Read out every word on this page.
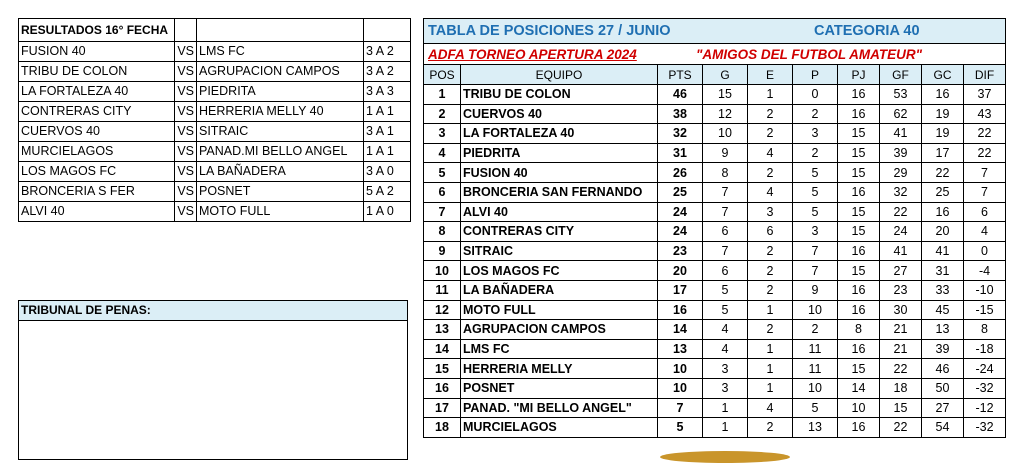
RESULTADOS 16° FECHA			
FUSION 40	VS	LMS FC	3 A 2
TRIBU DE COLON	VS	AGRUPACION CAMPOS	3 A 2
LA FORTALEZA 40	VS	PIEDRITA	3 A 3
CONTRERAS CITY	VS	HERRERIA MELLY 40	1 A 1
CUERVOS 40	VS	SITRAIC	3 A 1
MURCIELAGOS	VS	PANAD.MI BELLO ANGEL	1 A 1
LOS MAGOS FC	VS	LA BAÑADERA	3 A 0
BRONCERIA S FER	VS	POSNET	5 A 2
ALVI 40	VS	MOTO FULL	1 A 0
TRIBUNAL DE PENAS:
TABLA DE POSICIONES 27 / JUNIO CATEGORIA 40									

ADFA TORNEO APERTURA 2024 "AMIGOS DEL FUTBOL AMATEUR"									

POS	EQUIPO	PTS	G	E	P	PJ	GF	GC	DIF
1	TRIBU DE COLON	46	15	1	0	16	53	16	37
2	CUERVOS 40	38	12	2	2	16	62	19	43
3	LA FORTALEZA 40	32	10	2	3	15	41	19	22
4	PIEDRITA	31	9	4	2	15	39	17	22
5	FUSION 40	26	8	2	5	15	29	22	7
6	BRONCERIA SAN FERNANDO	25	7	4	5	16	32	25	7
7	ALVI 40	24	7	3	5	15	22	16	6
8	CONTRERAS CITY	24	6	6	3	15	24	20	4
9	SITRAIC	23	7	2	7	16	41	41	0
10	LOS MAGOS FC	20	6	2	7	15	27	31	-4
11	LA BAÑADERA	17	5	2	9	16	23	33	-10
12	MOTO FULL	16	5	1	10	16	30	45	-15
13	AGRUPACION CAMPOS	14	4	2	2	8	21	13	8
14	LMS FC	13	4	1	11	16	21	39	-18
15	HERRERIA MELLY	10	3	1	11	15	22	46	-24
16	POSNET	10	3	1	10	14	18	50	-32
17	PANAD. "MI BELLO ANGEL"	7	1	4	5	10	15	27	-12
18	MURCIELAGOS	5	1	2	13	16	22	54	-32
